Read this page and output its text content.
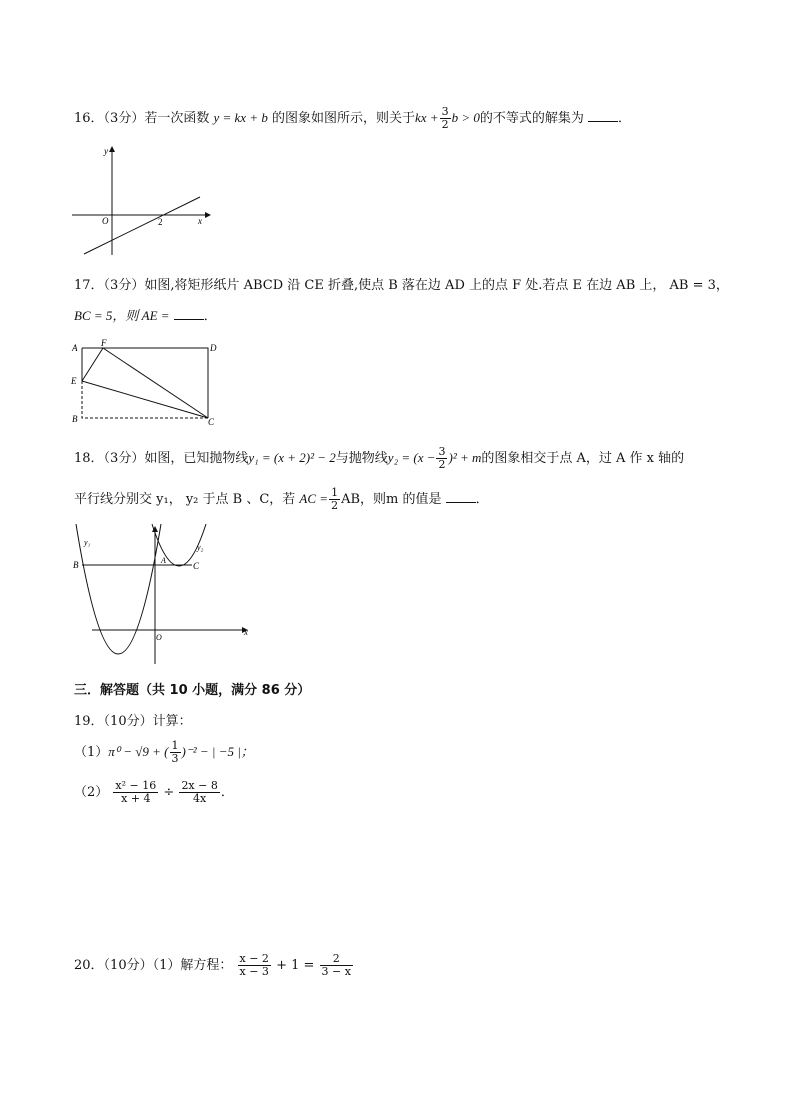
16．（3分）若一次函数 y = kx + b 的图象如图所示，则关于kx + $\frac{3}{2}$ b > 0的不等式的解集为	．
y
x
O	2
17．（3分）如图,将矩形纸片 ABCD 沿 CE 折叠,使点 B 落在边 AD 上的点 F 处.若点 E 在边 AB 上， AB = 3，
BC = 5，则 AE =	．
A	F	D
E
B	C
18．（3分）如图，已知抛物线y₁ = (x + 2)² − 2与抛物线$y_2 = (x - \frac{3}{2} )^2 + m$的图象相交于点 A，过 A 作 x 轴的
平行线分别交 y₁， y₂ 于点 B 、C，若 AC = $\frac{1}{2}$ AB，则m 的值是	．
y₁
y₂
B	A
C
O
x
三．解答题（共 10 小题，满分 86 分）
19．（10分）计算：
（1）π⁰ − √9 + ( $\frac{1}{3} )^{-2}$ − | −5 |；
$(2) \frac{\text{x² − 16}}{x + 4} \div \frac{2x - 8}{4x}$ ．
20．（10分）（1）解方程： $\frac{x - 2}{x - 3} + 1 = \frac{2}{3 - x}$
